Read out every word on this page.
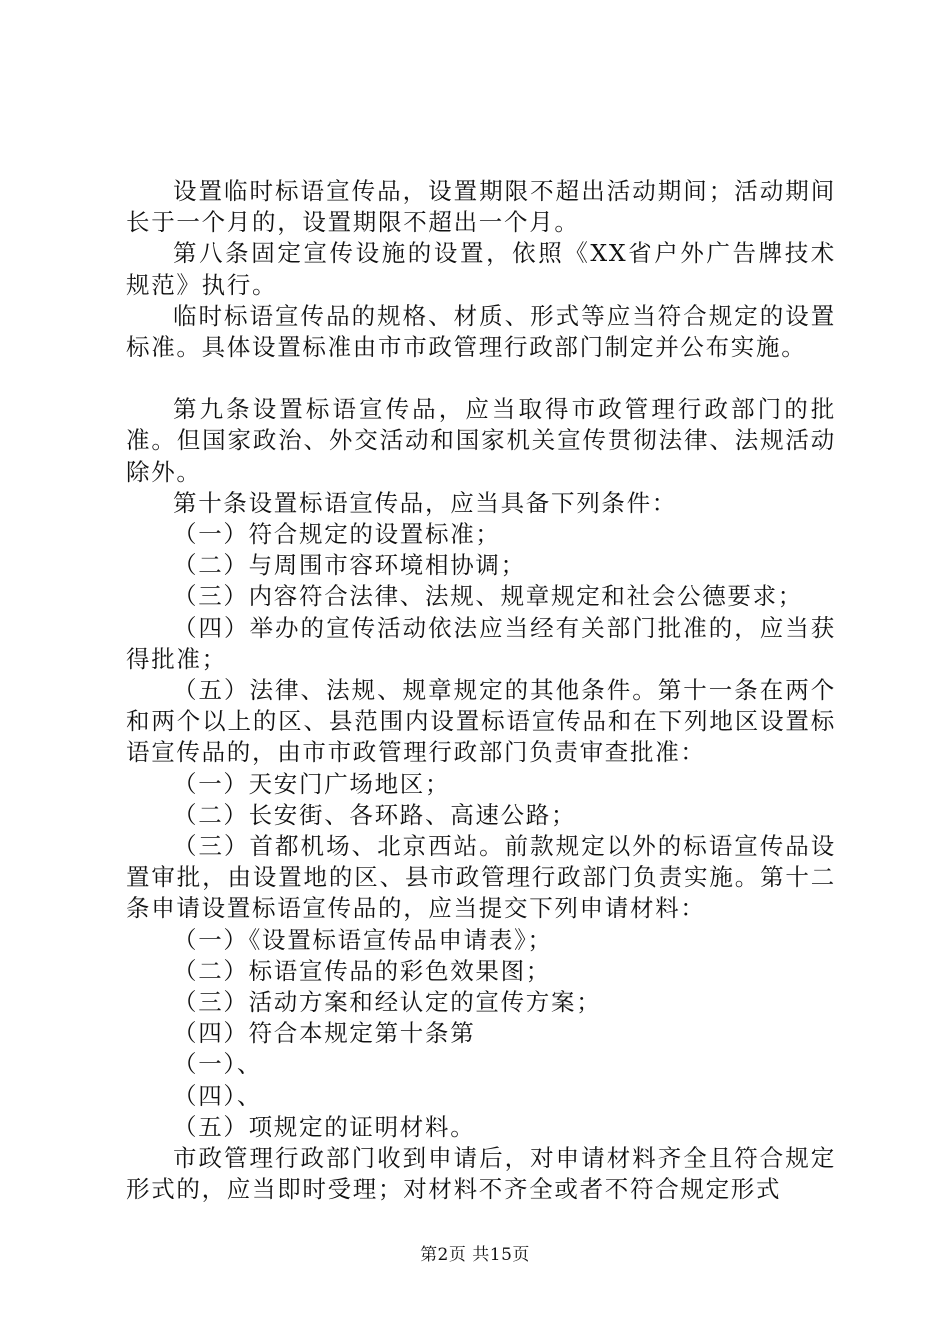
设置临时标语宣传品，设置期限不超出活动期间；活动期间长于一个月的，设置期限不超出一个月。

第八条固定宣传设施的设置，依照《XX省户外广告牌技术规范》执行。

临时标语宣传品的规格、材质、形式等应当符合规定的设置标准。具体设置标准由市市政管理行政部门制定并公布实施。

第九条设置标语宣传品，应当取得市政管理行政部门的批准。但国家政治、外交活动和国家机关宣传贯彻法律、法规活动除外。

第十条设置标语宣传品，应当具备下列条件：

（一）符合规定的设置标准；

（二）与周围市容环境相协调；

（三）内容符合法律、法规、规章规定和社会公德要求；

（四）举办的宣传活动依法应当经有关部门批准的，应当获得批准；

（五）法律、法规、规章规定的其他条件。第十一条在两个和两个以上的区、县范围内设置标语宣传品和在下列地区设置标语宣传品的，由市市政管理行政部门负责审查批准：

（一）天安门广场地区；

（二）长安街、各环路、高速公路；

（三）首都机场、北京西站。前款规定以外的标语宣传品设置审批，由设置地的区、县市政管理行政部门负责实施。第十二条申请设置标语宣传品的，应当提交下列申请材料：

（一）《设置标语宣传品申请表》；

（二）标语宣传品的彩色效果图；

（三）活动方案和经认定的宣传方案；

（四）符合本规定第十条第

（一）、

（四）、

（五）项规定的证明材料。

市政管理行政部门收到申请后，对申请材料齐全且符合规定形式的，应当即时受理；对材料不齐全或者不符合规定形式

第2页 共15页
